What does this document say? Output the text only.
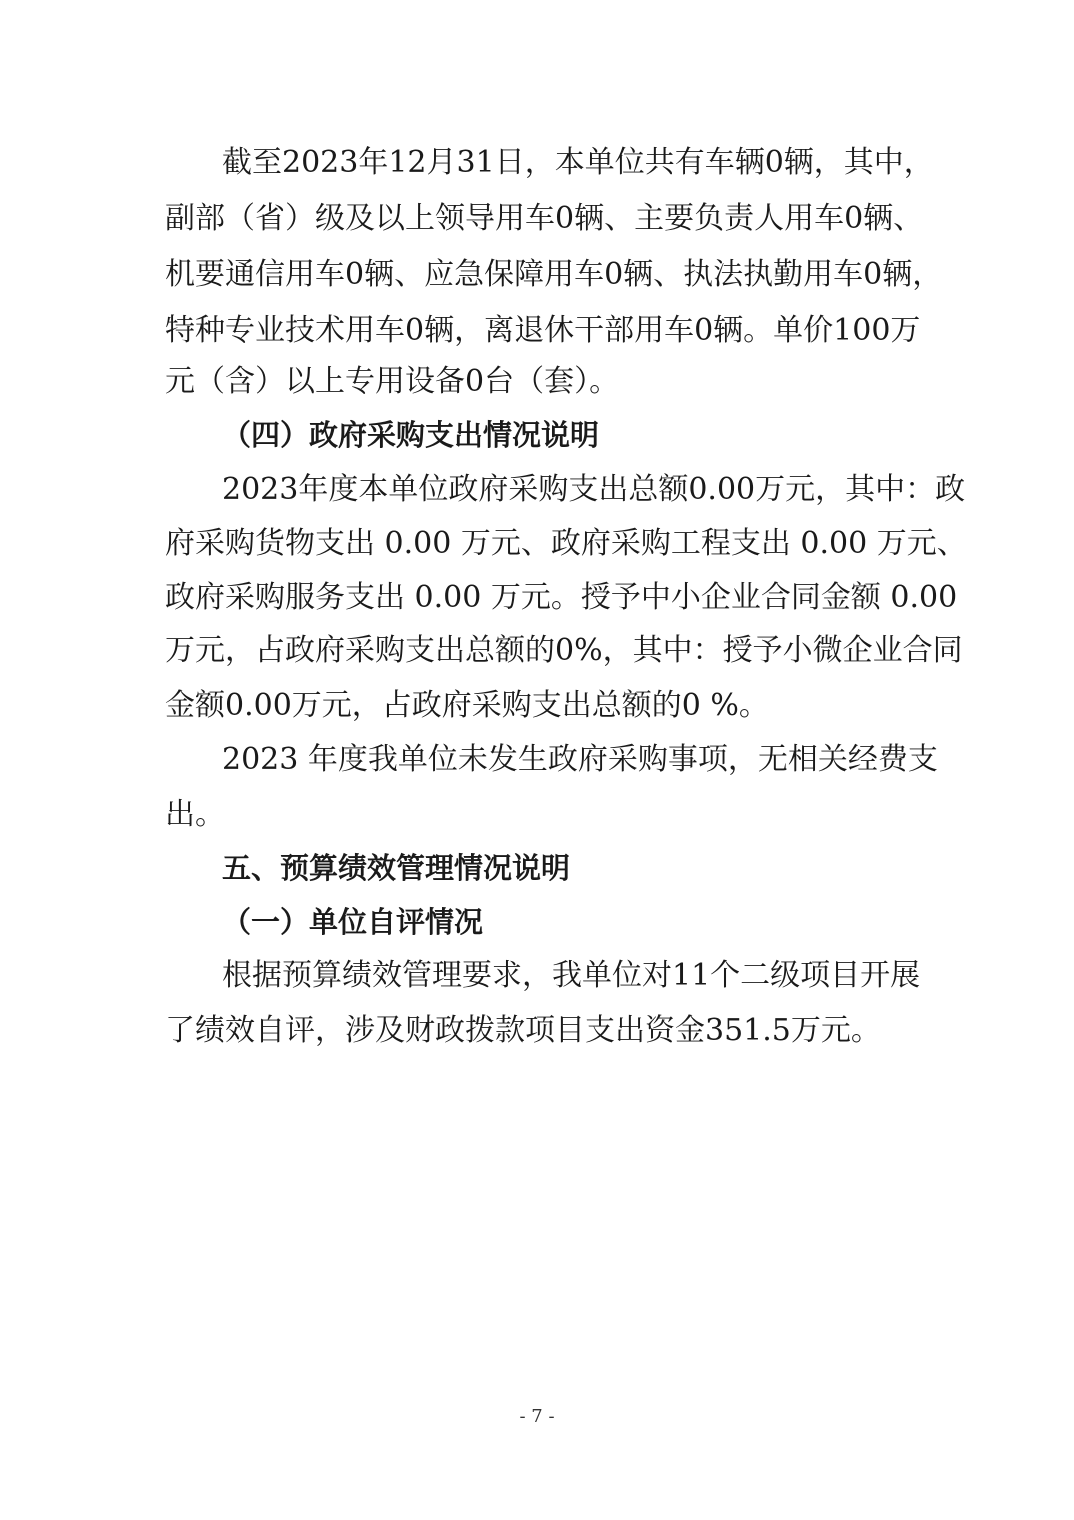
截至2023年12月31日，本单位共有车辆0辆，其中，
副部（省）级及以上领导用车0辆、主要负责人用车0辆、
机要通信用车0辆、应急保障用车0辆、执法执勤用车0辆，
特种专业技术用车0辆，离退休干部用车0辆。单价100万
元（含）以上专用设备0台（套）。
（四）政府采购支出情况说明
2023年度本单位政府采购支出总额0.00万元，其中：政
府采购货物支出 0.00 万元、政府采购工程支出 0.00 万元、
政府采购服务支出 0.00 万元。授予中小企业合同金额 0.00
万元，占政府采购支出总额的0%，其中：授予小微企业合同
金额0.00万元，占政府采购支出总额的0 %。
2023 年度我单位未发生政府采购事项，无相关经费支
出。
五、预算绩效管理情况说明
（一）单位自评情况
根据预算绩效管理要求，我单位对11个二级项目开展
了绩效自评，涉及财政拨款项目支出资金351.5万元。
- 7 -
